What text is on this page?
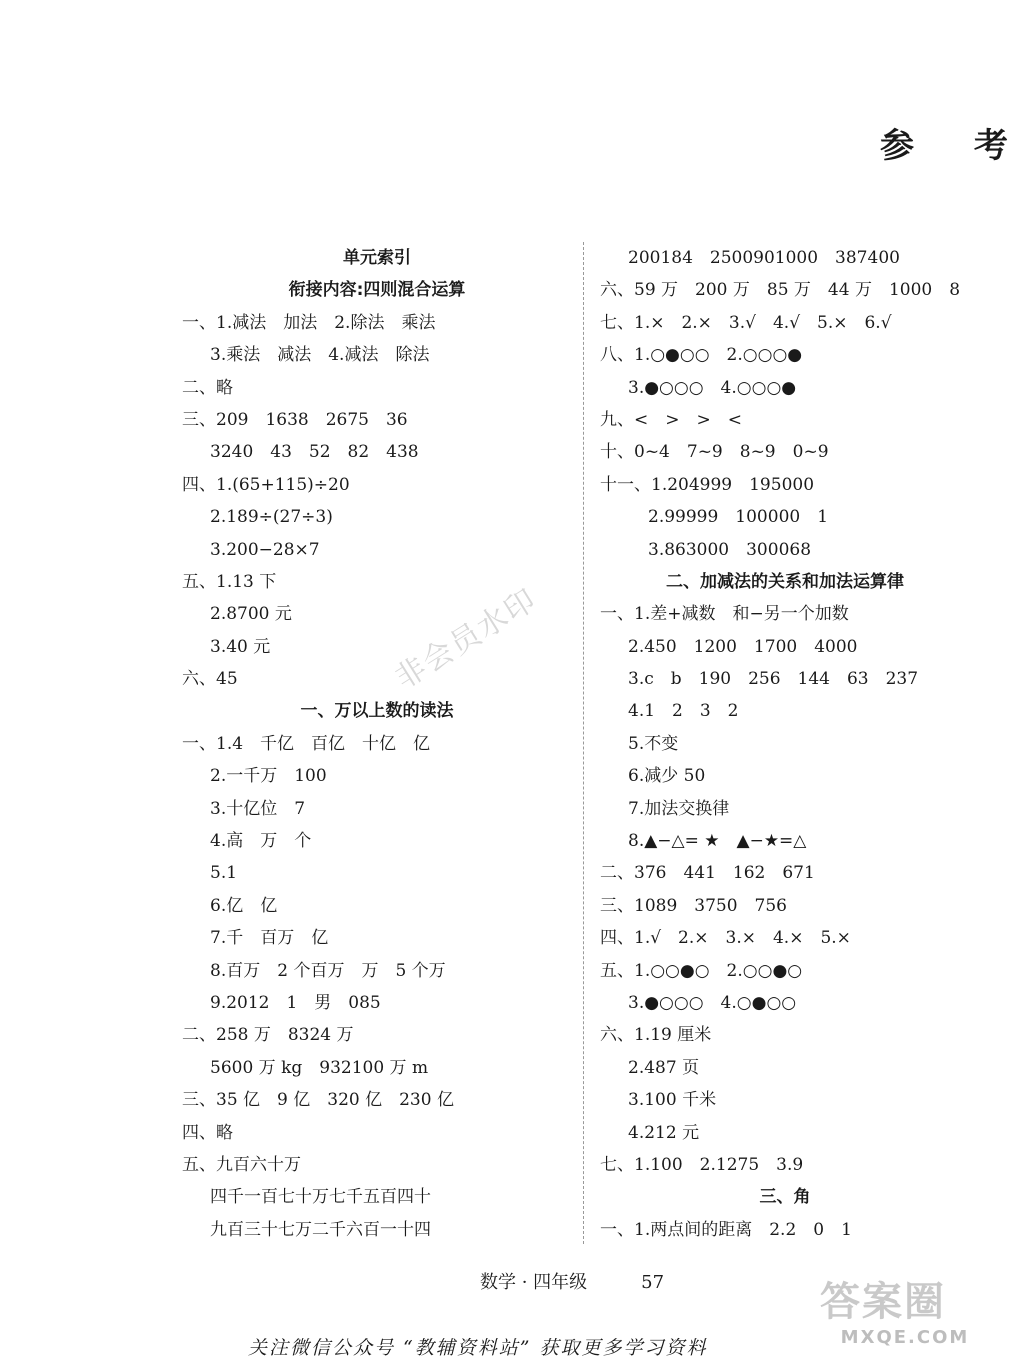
参 考
非会员水印
单元索引
衔接内容:四则混合运算
一、1.减法　加法　2.除法　乘法
3.乘法　减法　4.减法　除法
二、略
三、209　1638　2675　36
3240　43　52　82　438
四、1.(65+115)÷20
2.189÷(27÷3)
3.200−28×7
五、1.13 下
2.8700 元
3.40 元
六、45
一、万以上数的读法
一、1.4　千亿　百亿　十亿　亿
2.一千万　100
3.十亿位　7
4.高　万　个
5.1
6.亿　亿
7.千　百万　亿
8.百万　2 个百万　万　5 个万
9.2012　1　男　085
二、258 万　8324 万
5600 万 kg　932100 万 m
三、35 亿　9 亿　320 亿　230 亿
四、略
五、九百六十万
四千一百七十万七千五百四十
九百三十七万二千六百一十四
200184　2500901000　387400
六、59 万　200 万　85 万　44 万　1000　8
七、1.×　2.×　3.√　4.√　5.×　6.√
八、1.○●○○　2.○○○●
3.●○○○　4.○○○●
九、<　>　>　<
十、0~4　7~9　8~9　0~9
十一、1.204999　195000
2.99999　100000　1
3.863000　300068
二、加减法的关系和加法运算律
一、1.差+减数　和−另一个加数
2.450　1200　1700　4000
3.c　b　190　256　144　63　237
4.1　2　3　2
5.不变
6.减少 50
7.加法交换律
8.▲−△= ★　▲−★=△
二、376　441　162　671
三、1089　3750　756
四、1.√　2.×　3.×　4.×　5.×
五、1.○○●○　2.○○●○
3.●○○○　4.○●○○
六、1.19 厘米
2.487 页
3.100 千米
4.212 元
七、1.100　2.1275　3.9
三、角
一、1.两点间的距离　2.2　0　1
数学 · 四年级　　　	57
关注微信公众号 “教辅资料站” 获取更多学习资料
答案圈
MXQE.COM
